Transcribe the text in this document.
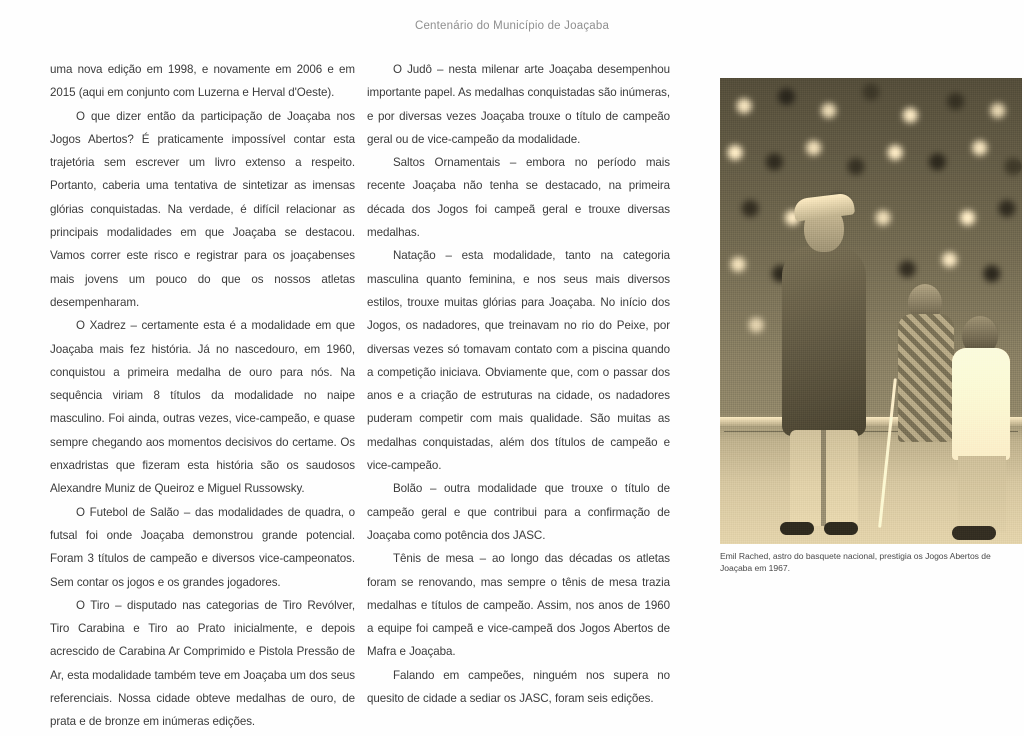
Centenário do Município de Joaçaba

uma nova edição em 1998, e novamente em 2006 e em 2015 (aqui em conjunto com Luzerna e Herval d'Oeste).

O que dizer então da participação de Joaçaba nos Jogos Abertos? É praticamente impossível contar esta trajetória sem escrever um livro extenso a respeito. Portanto, caberia uma tentativa de sintetizar as imensas glórias conquistadas. Na verdade, é difícil relacionar as principais modalidades em que Joaçaba se destacou. Vamos correr este risco e registrar para os joaçabenses mais jovens um pouco do que os nossos atletas desempenharam.

O Xadrez – certamente esta é a modalidade em que Joaçaba mais fez história. Já no nascedouro, em 1960, conquistou a primeira medalha de ouro para nós. Na sequência viriam 8 títulos da modalidade no naipe masculino. Foi ainda, outras vezes, vice-campeão, e quase sempre chegando aos momentos decisivos do certame. Os enxadristas que fizeram esta história são os saudosos Alexandre Muniz de Queiroz e Miguel Russowsky.

O Futebol de Salão – das modalidades de quadra, o futsal foi onde Joaçaba demonstrou grande potencial. Foram 3 títulos de campeão e diversos vice-campeonatos. Sem contar os jogos e os grandes jogadores.

O Tiro – disputado nas categorias de Tiro Revólver, Tiro Carabina e Tiro ao Prato inicialmente, e depois acrescido de Carabina Ar Comprimido e Pistola Pressão de Ar, esta modalidade também teve em Joaçaba um dos seus referenciais. Nossa cidade obteve medalhas de ouro, de prata e de bronze em inúmeras edições.

O Judô – nesta milenar arte Joaçaba desempenhou importante papel. As medalhas conquistadas são inúmeras, e por diversas vezes Joaçaba trouxe o título de campeão geral ou de vice-campeão da modalidade.

Saltos Ornamentais – embora no período mais recente Joaçaba não tenha se destacado, na primeira década dos Jogos foi campeã geral e trouxe diversas medalhas.

Natação – esta modalidade, tanto na categoria masculina quanto feminina, e nos seus mais diversos estilos, trouxe muitas glórias para Joaçaba. No início dos Jogos, os nadadores, que treinavam no rio do Peixe, por diversas vezes só tomavam contato com a piscina quando a competição iniciava. Obviamente que, com o passar dos anos e a criação de estruturas na cidade, os nadadores puderam competir com mais qualidade. São muitas as medalhas conquistadas, além dos títulos de campeão e vice-campeão.

Bolão – outra modalidade que trouxe o título de campeão geral e que contribui para a confirmação de Joaçaba como potência dos JASC.

Tênis de mesa – ao longo das décadas os atletas foram se renovando, mas sempre o tênis de mesa trazia medalhas e títulos de campeão. Assim, nos anos de 1960 a equipe foi campeã e vice-campeã dos Jogos Abertos de Mafra e Joaçaba.

Falando em campeões, ninguém nos supera no quesito de cidade a sediar os JASC, foram seis edições.

Emil Rached, astro do basquete nacional, prestigia os Jogos Abertos de Joaçaba em 1967.
